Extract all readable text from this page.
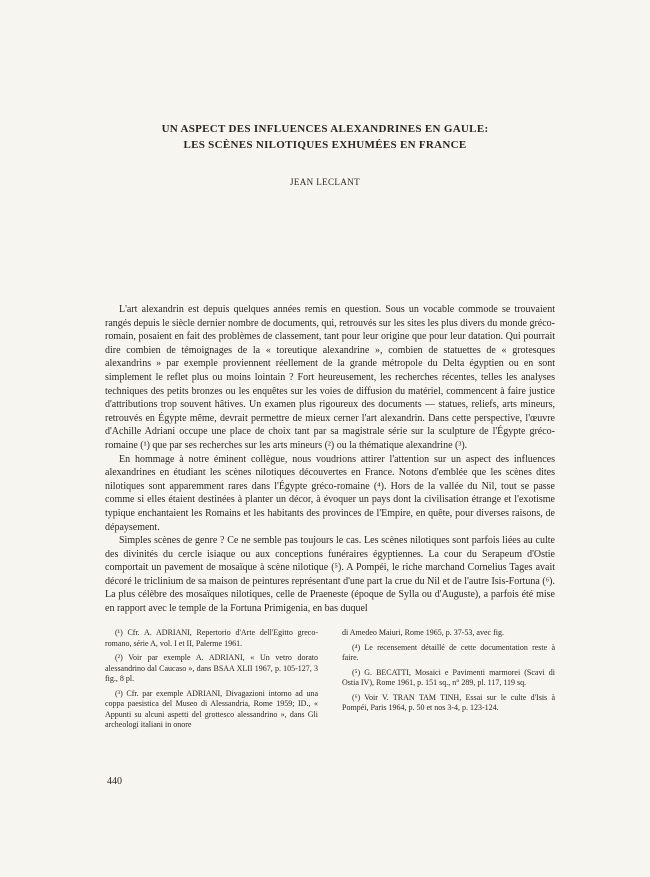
UN ASPECT DES INFLUENCES ALEXANDRINES EN GAULE:
LES SCÈNES NILOTIQUES EXHUMÉES EN FRANCE
JEAN LECLANT

L'art alexandrin est depuis quelques années remis en question. Sous un vocable commode se trouvaient rangés depuis le siècle dernier nombre de documents, qui, retrouvés sur les sites les plus divers du monde gréco-romain, posaient en fait des problèmes de classement, tant pour leur origine que pour leur datation. Qui pourrait dire combien de témoignages de la « toreutique alexandrine », combien de statuettes de « grotesques alexandrins » par exemple proviennent réellement de la grande métropole du Delta égyptien ou en sont simplement le reflet plus ou moins lointain ? Fort heureusement, les recherches récentes, telles les analyses techniques des petits bronzes ou les enquêtes sur les voies de diffusion du matériel, commencent à faire justice d'attributions trop souvent hâtives. Un examen plus rigoureux des documents — statues, reliefs, arts mineurs, retrouvés en Égypte même, devrait permettre de mieux cerner l'art alexandrin. Dans cette perspective, l'œuvre d'Achille Adriani occupe une place de choix tant par sa magistrale série sur la sculpture de l'Égypte gréco-romaine (¹) que par ses recherches sur les arts mineurs (²) ou la thématique alexandrine (³).

En hommage à notre éminent collègue, nous voudrions attirer l'attention sur un aspect des influences alexandrines en étudiant les scènes nilotiques découvertes en France. Notons d'emblée que les scènes dites nilotiques sont apparemment rares dans l'Égypte gréco-romaine (⁴). Hors de la vallée du Nil, tout se passe comme si elles étaient destinées à planter un décor, à évoquer un pays dont la civilisation étrange et l'exotisme typique enchantaient les Romains et les habitants des provinces de l'Empire, en quête, pour diverses raisons, de dépaysement.

Simples scènes de genre ? Ce ne semble pas toujours le cas. Les scènes nilotiques sont parfois liées au culte des divinités du cercle isiaque ou aux conceptions funéraires égyptiennes. La cour du Serapeum d'Ostie comportait un pavement de mosaïque à scène nilotique (⁵). A Pompéi, le riche marchand Cornelius Tages avait décoré le triclinium de sa maison de peintures représentant d'une part la crue du Nil et de l'autre Isis-Fortuna (⁶). La plus célèbre des mosaïques nilotiques, celle de Praeneste (époque de Sylla ou d'Auguste), a parfois été mise en rapport avec le temple de la Fortuna Primigenia, en bas duquel

(¹) Cfr. A. ADRIANI, Repertorio d'Arte dell'Egitto greco-romano, série A, vol. I et II, Palerme 1961.

(²) Voir par exemple A. ADRIANI, « Un vetro dorato alessandrino dal Caucaso », dans BSAA XLII 1967, p. 105-127, 3 fig., 8 pl.

(³) Cfr. par exemple ADRIANI, Divagazioni intorno ad una coppa paesistica del Museo di Alessandria, Rome 1959; ID., « Appunti su alcuni aspetti del grottesco alessandrino », dans Gli archeologi italiani in onore

di Amedeo Maiuri, Rome 1965, p. 37-53, avec fig.

(⁴) Le recensement détaillé de cette documentation reste à faire.

(⁵) G. BECATTI, Mosaici e Pavimenti marmorei (Scavi di Ostia IV), Rome 1961, p. 151 sq., n° 289, pl. 117, 119 sq.

(⁶) Voir V. TRAN TAM TINH, Essai sur le culte d'Isis à Pompéi, Paris 1964, p. 50 et nos 3-4, p. 123-124.

440
